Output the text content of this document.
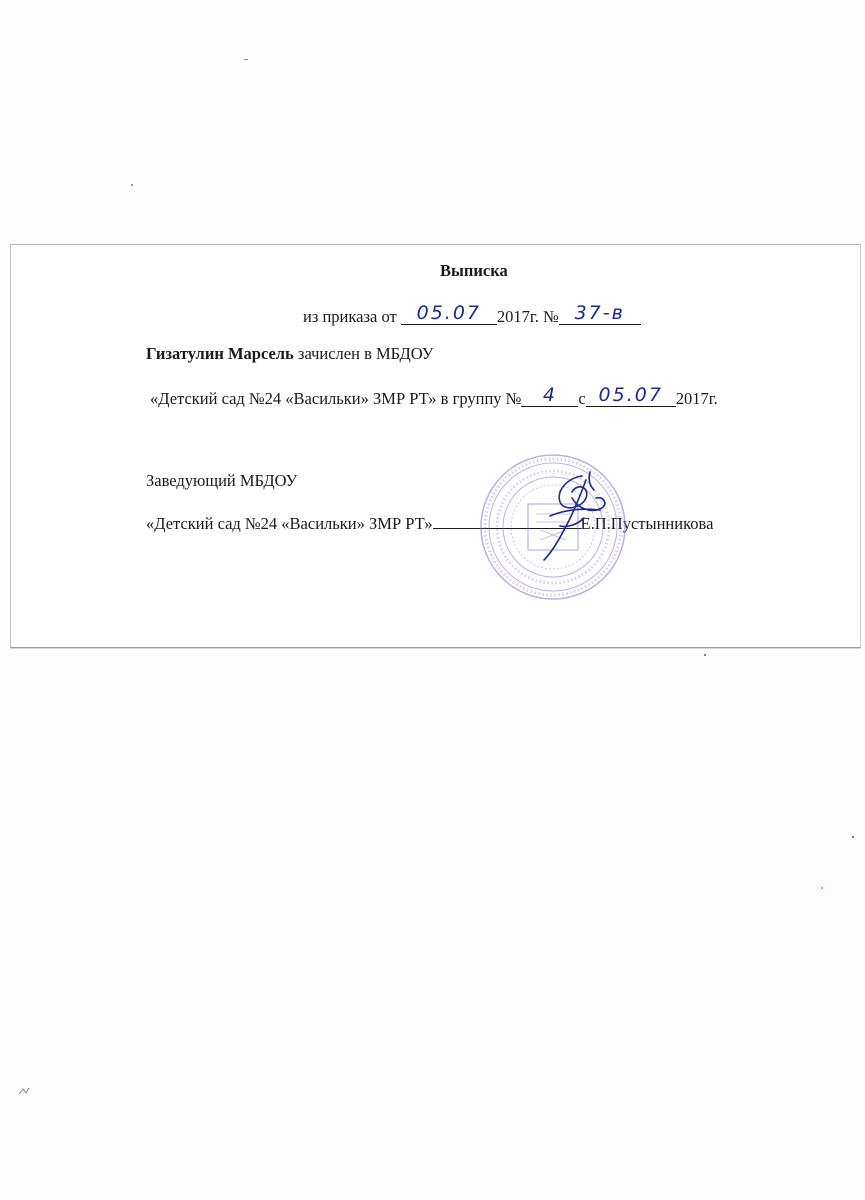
Выписка
из приказа от 05.07 2017г. № 37-в
Гизатулин Марсель зачислен в МБДОУ
«Детский сад №24 «Васильки» ЗМР РТ» в группу № 4 с 05.07 2017г.
Заведующий МБДОУ
«Детский сад №24 «Васильки» ЗМР РТ»	Е.П.Пустынникова
